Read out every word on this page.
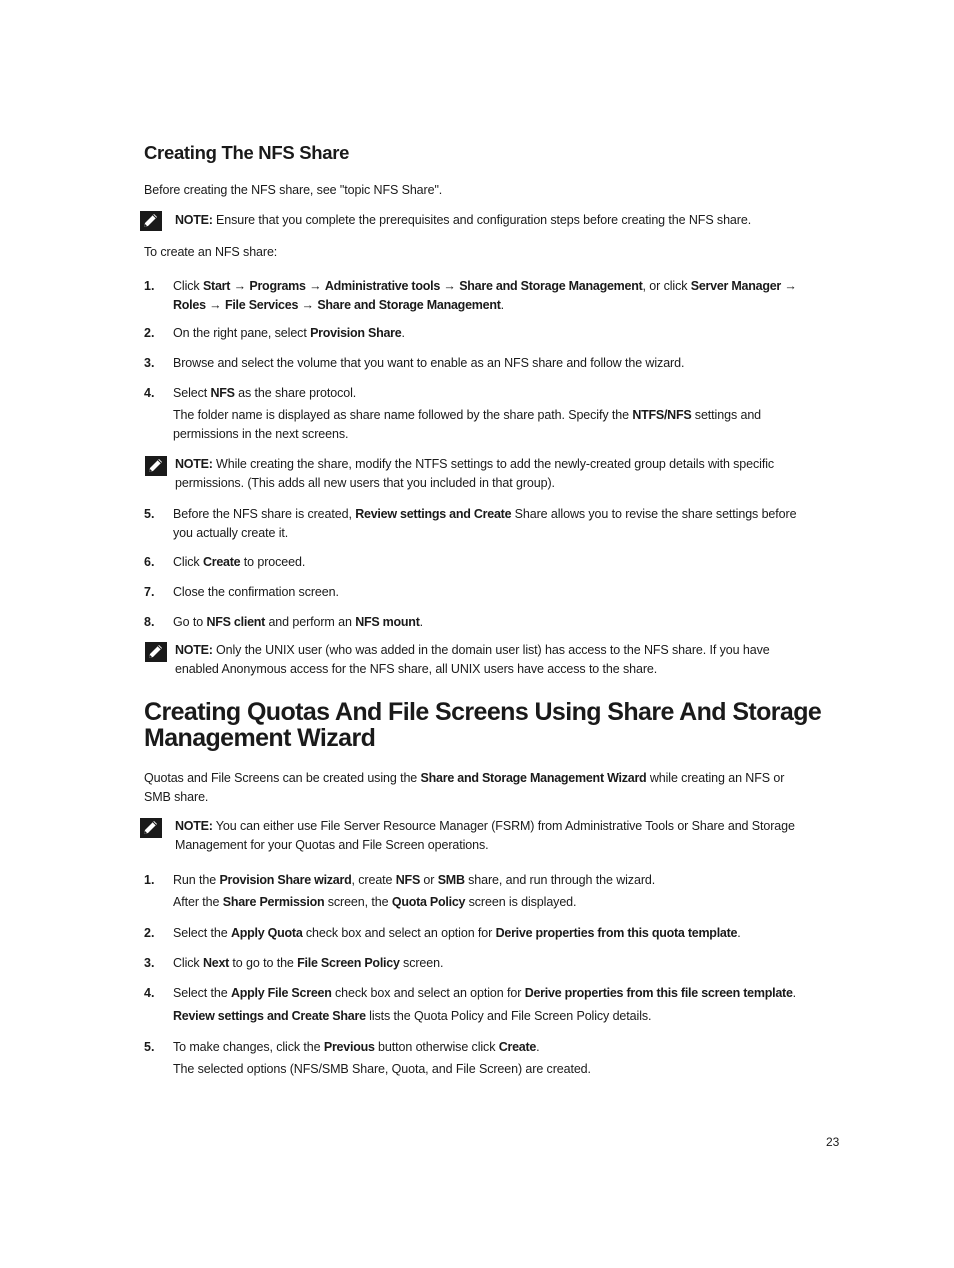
Creating The NFS Share
Before creating the NFS share, see "topic NFS Share".
NOTE: Ensure that you complete the prerequisites and configuration steps before creating the NFS share.
To create an NFS share:
1. Click Start → Programs → Administrative tools → Share and Storage Management, or click Server Manager →
Roles → File Services → Share and Storage Management.
2. On the right pane, select Provision Share.
3. Browse and select the volume that you want to enable as an NFS share and follow the wizard.
4. Select NFS as the share protocol.
The folder name is displayed as share name followed by the share path. Specify the NTFS/NFS settings and
permissions in the next screens.
NOTE: While creating the share, modify the NTFS settings to add the newly-created group details with specific
permissions. (This adds all new users that you included in that group).
5. Before the NFS share is created, Review settings and Create Share allows you to revise the share settings before
you actually create it.
6. Click Create to proceed.
7. Close the confirmation screen.
8. Go to NFS client and perform an NFS mount.
NOTE: Only the UNIX user (who was added in the domain user list) has access to the NFS share. If you have
enabled Anonymous access for the NFS share, all UNIX users have access to the share.
Creating Quotas And File Screens Using Share And Storage
Management Wizard
Quotas and File Screens can be created using the Share and Storage Management Wizard while creating an NFS or
SMB share.
NOTE: You can either use File Server Resource Manager (FSRM) from Administrative Tools or Share and Storage
Management for your Quotas and File Screen operations.
1. Run the Provision Share wizard, create NFS or SMB share, and run through the wizard.
After the Share Permission screen, the Quota Policy screen is displayed.
2. Select the Apply Quota check box and select an option for Derive properties from this quota template.
3. Click Next to go to the File Screen Policy screen.
4. Select the Apply File Screen check box and select an option for Derive properties from this file screen template.
Review settings and Create Share lists the Quota Policy and File Screen Policy details.
5. To make changes, click the Previous button otherwise click Create.
The selected options (NFS/SMB Share, Quota, and File Screen) are created.
23
